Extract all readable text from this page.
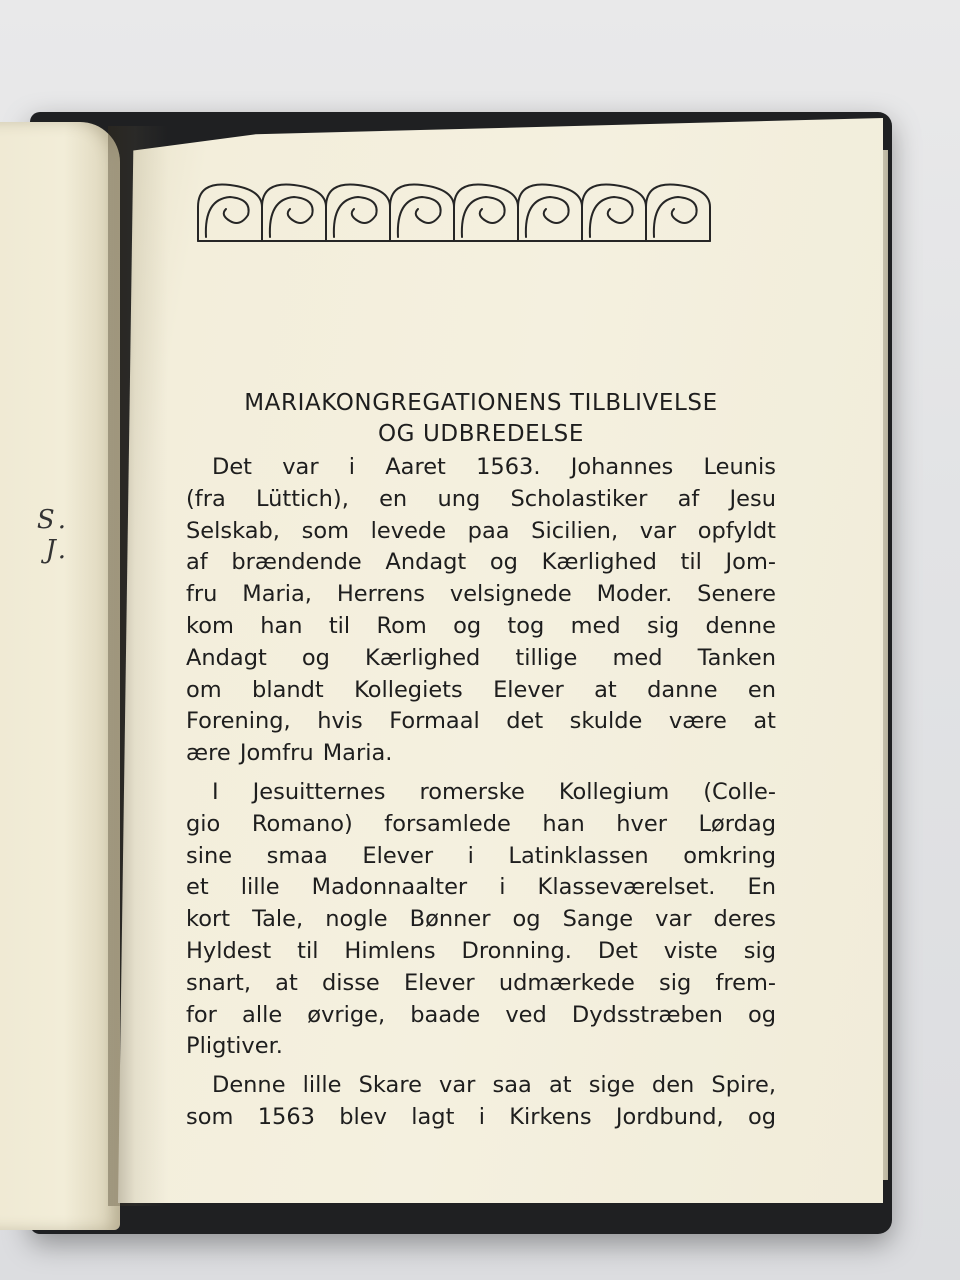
S. J.
MARIAKONGREGATIONENS TILBLIVELSE
OG UDBREDELSE

Det var i Aaret 1563. Johannes Leunis
(fra Lüttich), en ung Scholastiker af Jesu
Selskab, som levede paa Sicilien, var opfyldt
af brændende Andagt og Kærlighed til Jom-
fru Maria, Herrens velsignede Moder. Senere
kom han til Rom og tog med sig denne
Andagt og Kærlighed tillige med Tanken
om blandt Kollegiets Elever at danne en
Forening, hvis Formaal det skulde være at
ære Jomfru Maria.

I Jesuitternes romerske Kollegium (Colle-
gio Romano) forsamlede han hver Lørdag
sine smaa Elever i Latinklassen omkring
et lille Madonnaalter i Klasseværelset. En
kort Tale, nogle Bønner og Sange var deres
Hyldest til Himlens Dronning. Det viste sig
snart, at disse Elever udmærkede sig frem-
for alle øvrige, baade ved Dydsstræben og
Pligtiver.

Denne lille Skare var saa at sige den Spire,
som 1563 blev lagt i Kirkens Jordbund, og
